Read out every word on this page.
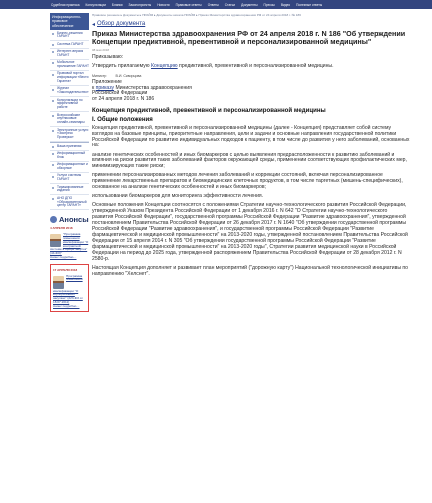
Судебная практика Консультации Бланки Законопроекты Новости Правовые ответы Ответы Статьи Документы Прессы Видео Полезные ответы
Информационно-правовое обеспечение
Бизнес-решения ГАРАНТ
Система ГАРАНТ
Интернет-версия ГАРАНТ
Мобильное приложение ГАРАНТ
Правовой портал информации «Вести Гаранта»
Журнал «Законодательство»
Консультации по эффективной работе
Всероссийские спутниковые онлайн-семинары
Электронные услуги «Экспресс Проверка»
Ваша приемная
Информационный блок
Информационные и обзорные
Услуги системы ГАРАНТ
Тиражированные издания
АНО ДПО «Образовательный центр ГАРАНТ»
Анонсы
4 АПРЕЛЯ 2018
"Программа повышения квалификации "О контрактной системе в сфере закупок" (44-ФЗ)"
Анонс подробно…
17 АПРЕЛЯ 2018
Программа повышения квалификации "О корпоративных закупках" (223-ФЗ от 18.07.2011)
Анонс подробно…
Правовое решение ▸ Документы ▸ ПРАЙМ ▸ Документы начала ПРАЙМ ▸ Приказ Министерства здравоохранения РФ от 24 апреля 2018 г. № 186
◂ Обзор документа
Приказ Министерства здравоохранения РФ от 24 апреля 2018 г. N 186 "Об утверждении Концепции предиктивной, превентивной и персонализированной медицины"
08 мая 2018
Приказываю:
Утвердить прилагаемую Концепцию предиктивной, превентивной и персонализированной медицины.
Министр	В.И. Скворцова
Приложение
к приказу Министерства здравоохранения
Российской Федерации
от 24 апреля 2018 г. N 186
Концепция предиктивной, превентивной и персонализированной медицины
I. Общие положения
Концепция предиктивной, превентивной и персонализированной медицины (далее - Концепция) представляет собой систему взглядов на базовые принципы, приоритетные направления, цели и задачи и основные направления государственной политики Российской Федерации по развитию индивидуальных подходов к пациенту, в том числе до развития у него заболеваний, основанных на:
анализе генетических особенностей и иных биомаркеров с целью выявления предрасположенности к развитию заболеваний и влияния на риски развития таких заболеваний факторов окружающей среды, применении соответствующих профилактических мер, минимизирующих такие риски;
применении персонализированных методов лечения заболеваний и коррекции состояний, включая персонализированное применение лекарственных препаратов и биомедицинских клеточных продуктов, в том числе таргетных (мишень-специфических), основанное на анализе генетических особенностей и иных биомаркеров;
использовании биомаркеров для мониторинга эффективности лечения.
Основные положения Концепции соотносятся с положениями Стратегии научно-технологического развития Российской Федерации, утвержденной Указом Президента Российской Федерации от 1 декабря 2016 г. N 642 "О Стратегии научно-технологического развития Российской Федерации", государственной программы Российской Федерации "Развитие здравоохранения", утвержденной постановлением Правительства Российской Федерации от 26 декабря 2017 г. N 1640 "Об утверждении государственной программы Российской Федерации "Развитие здравоохранения", и государственной программы Российской Федерации "Развитие фармацевтической и медицинской промышленности" на 2013-2020 годы, утвержденной постановлением Правительства Российской Федерации от 15 апреля 2014 г. N 305 "Об утверждении государственной программы Российской Федерации "Развитие фармацевтической и медицинской промышленности" на 2013-2020 годы", Стратегии развития медицинской науки в Российской Федерации на период до 2025 года, утвержденной распоряжением Правительства Российской Федерации от 28 декабря 2012 г. N 2580-р.
Настоящая Концепция дополняет и развивает план мероприятий ("дорожную карту") Национальной технологической инициативы по направлению "Хелснет".
